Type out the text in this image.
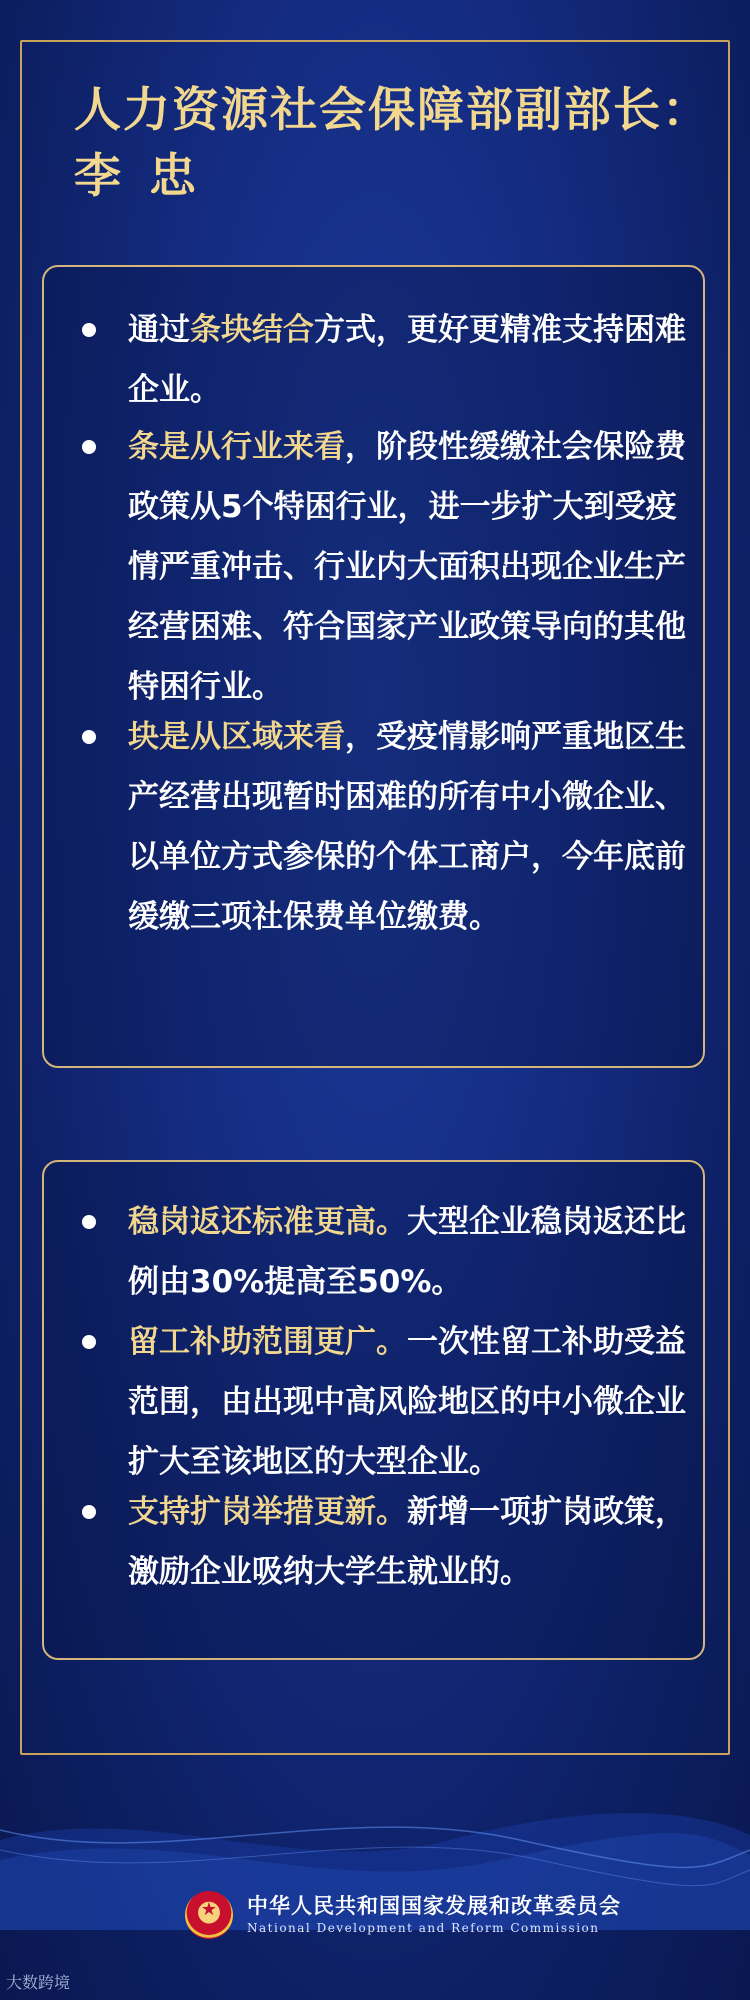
人力资源社会保障部副部长：
李忠
通过条块结合方式，更好更精准支持困难企业。
条是从行业来看，阶段性缓缴社会保险费政策从5个特困行业，进一步扩大到受疫情严重冲击、行业内大面积出现企业生产经营困难、符合国家产业政策导向的其他特困行业。
块是从区域来看，受疫情影响严重地区生产经营出现暂时困难的所有中小微企业、以单位方式参保的个体工商户，今年底前缓缴三项社保费单位缴费。
稳岗返还标准更高。大型企业稳岗返还比例由30%提高至50%。
留工补助范围更广。一次性留工补助受益范围，由出现中高风险地区的中小微企业扩大至该地区的大型企业。
支持扩岗举措更新。新增一项扩岗政策，激励企业吸纳大学生就业的。
★	中华人民共和国国家发展和改革委员会
National Development and Reform Commission
大数跨境
